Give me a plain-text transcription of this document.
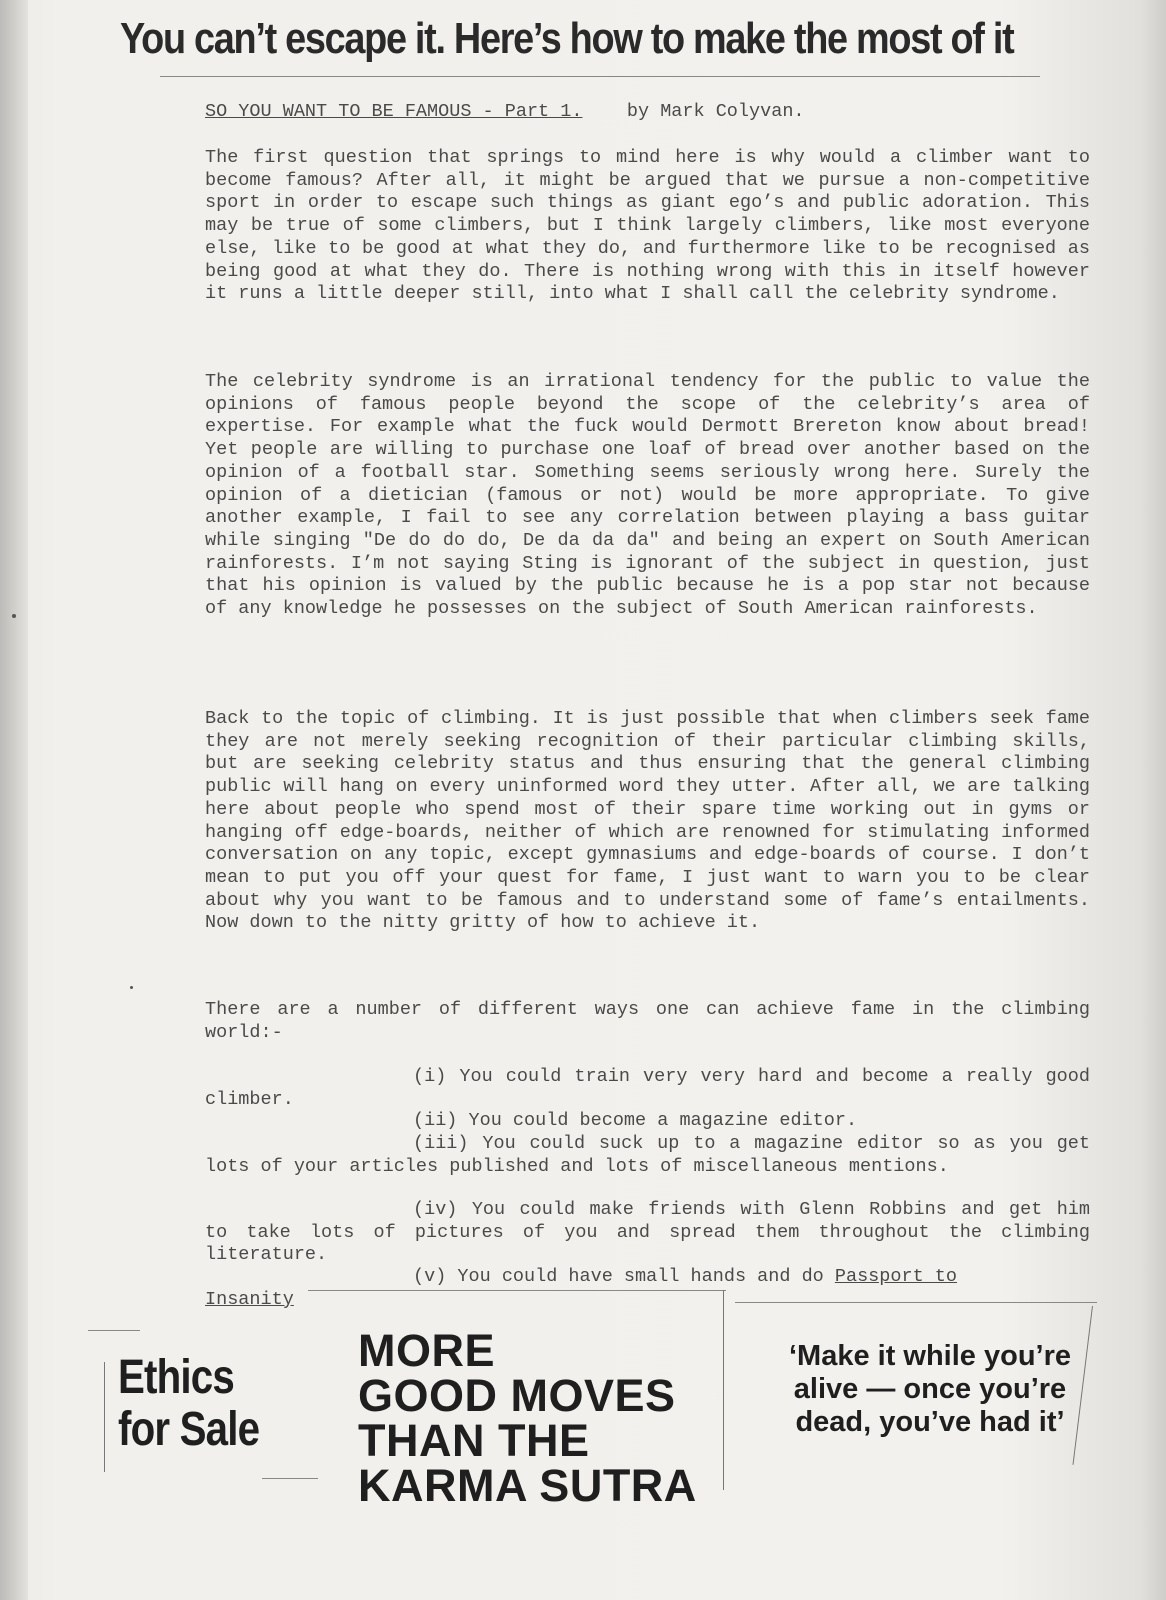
You can’t escape it. Here’s how to make the most of it
SO YOU WANT TO BE FAMOUS - Part 1. by Mark Colyvan.

The first question that springs to mind here is why would a climber want to become famous? After all, it might be argued that we pursue a non-competitive sport in order to escape such things as giant ego’s and public adoration. This may be true of some climbers, but I think largely climbers, like most everyone else, like to be good at what they do, and furthermore like to be recognised as being good at what they do. There is nothing wrong with this in itself however it runs a little deeper still, into what I shall call the celebrity syndrome.

The celebrity syndrome is an irrational tendency for the public to value the opinions of famous people beyond the scope of the celebrity’s area of expertise. For example what the fuck would Dermott Brereton know about bread! Yet people are willing to purchase one loaf of bread over another based on the opinion of a football star. Something seems seriously wrong here. Surely the opinion of a dietician (famous or not) would be more appropriate. To give another example, I fail to see any correlation between playing a bass guitar while singing "De do do do, De da da da" and being an expert on South American rainforests. I’m not saying Sting is ignorant of the subject in question, just that his opinion is valued by the public because he is a pop star not because of any knowledge he possesses on the subject of South American rainforests.

Back to the topic of climbing. It is just possible that when climbers seek fame they are not merely seeking recognition of their particular climbing skills, but are seeking celebrity status and thus ensuring that the general climbing public will hang on every uninformed word they utter. After all, we are talking here about people who spend most of their spare time working out in gyms or hanging off edge-boards, neither of which are renowned for stimulating informed conversation on any topic, except gymnasiums and edge-boards of course. I don’t mean to put you off your quest for fame, I just want to warn you to be clear about why you want to be famous and to understand some of fame’s entailments. Now down to the nitty gritty of how to achieve it.

There are a number of different ways one can achieve fame in the climbing world:-

(i) You could train very very hard and become a really good climber.

(ii) You could become a magazine editor.

(iii) You could suck up to a magazine editor so as you get lots of your articles published and lots of miscellaneous mentions.

(iv) You could make friends with Glenn Robbins and get him to take lots of pictures of you and spread them throughout the climbing literature.

(v) You could have small hands and do Passport to
Insanity

Ethics
for Sale
MORE
GOOD MOVES
THAN THE
KARMA SUTRA
‘Make it while you’re alive — once you’re dead, you’ve had it’
